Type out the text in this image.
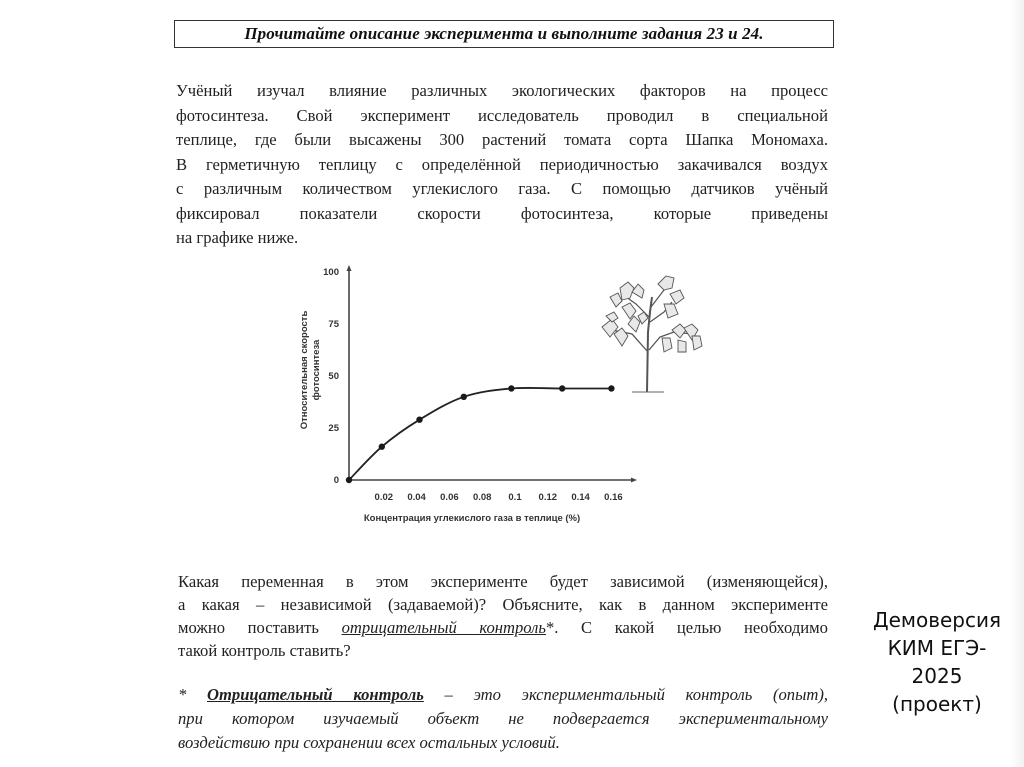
Прочитайте описание эксперимента и выполните задания 23 и 24.
Учёный изучал влияние различных экологических факторов на процесс
фотосинтеза. Свой эксперимент исследователь проводил в специальной
теплице, где были высажены 300 растений томата сорта Шапка Мономаха.
В герметичную теплицу с определённой периодичностью закачивался воздух
с различным количеством углекислого газа. С помощью датчиков учёный
фиксировал показатели скорости фотосинтеза, которые приведены
на графике ниже.
0
25
50
75
100
0.02 0.04 0.06 0.08 0.1 0.12 0.14 0.16
Относительная скорость фотосинтеза
Концентрация углекислого газа в теплице (%)
Какая переменная в этом эксперименте будет зависимой (изменяющейся),
а какая – независимой (задаваемой)? Объясните, как в данном эксперименте
можно поставить отрицательный контроль*. С какой целью необходимо
такой контроль ставить?
* Отрицательный контроль – это экспериментальный контроль (опыт),
при котором изучаемый объект не подвергается экспериментальному
воздействию при сохранении всех остальных условий.
Демоверсия
КИМ ЕГЭ-
2025
(проект)
